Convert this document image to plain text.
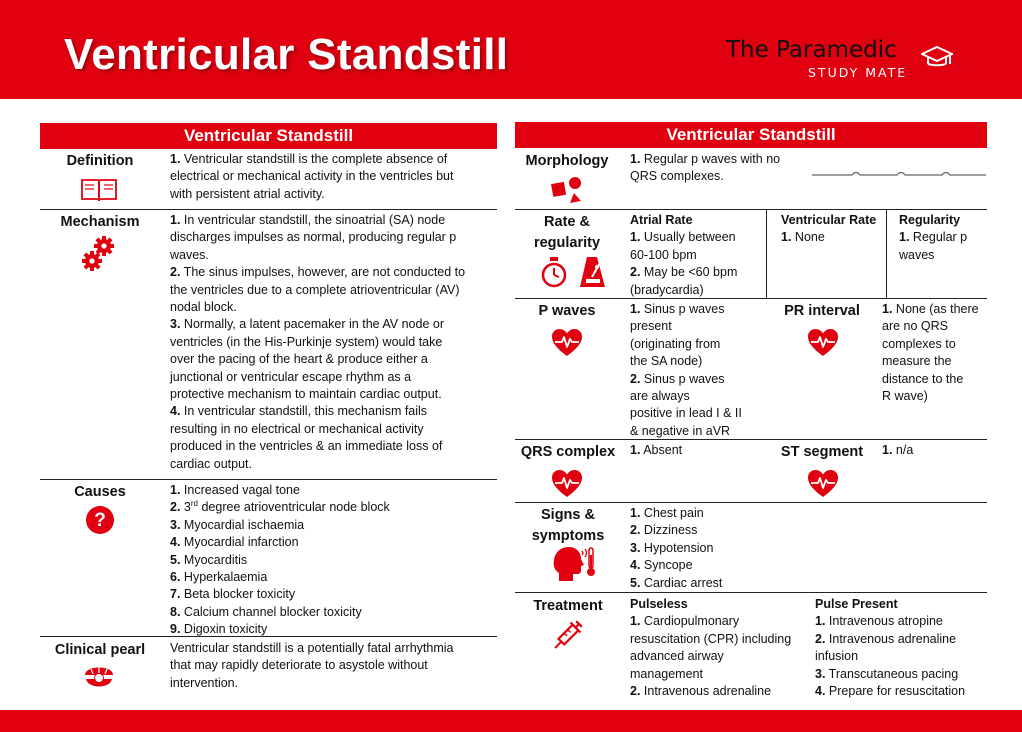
Ventricular Standstill	The Paramedic
STUDY MATE
Ventricular Standstill
Definition	1. Ventricular standstill is the complete absence of
electrical or mechanical activity in the ventricles but
with persistent atrial activity.
Mechanism	1. In ventricular standstill, the sinoatrial (SA) node
discharges impulses as normal, producing regular p
waves.
2. The sinus impulses, however, are not conducted to
the ventricles due to a complete atrioventricular (AV)
nodal block.
3. Normally, a latent pacemaker in the AV node or
ventricles (in the His-Purkinje system) would take
over the pacing of the heart & produce either a
junctional or ventricular escape rhythm as a
protective mechanism to maintain cardiac output.
4. In ventricular standstill, this mechanism fails
resulting in no electrical or mechanical activity
produced in the ventricles & an immediate loss of
cardiac output.
Causes
?
1. Increased vagal tone
2. 3rd degree atrioventricular node block
3. Myocardial ischaemia
4. Myocardial infarction
5. Myocarditis
6. Hyperkalaemia
7. Beta blocker toxicity
8. Calcium channel blocker toxicity
9. Digoxin toxicity
Clinical pearl	Ventricular standstill is a potentially fatal arrhythmia
that may rapidly deteriorate to asystole without
intervention.
Ventricular Standstill
Morphology	1. Regular p waves with no
QRS complexes.
Rate &
regularity
Atrial Rate
1. Usually between
60-100 bpm
2. May be <60 bpm
(bradycardia)
Ventricular Rate
1. None
Regularity
1. Regular p
waves
P waves	1. Sinus p waves
present
(originating from
the SA node)
2. Sinus p waves
are always
positive in lead I & II
& negative in aVR
PR interval	1. None (as there
are no QRS
complexes to
measure the
distance to the
R wave)
QRS complex 1. Absent	ST segment	1. n/a
Signs &
symptoms
1. Chest pain
2. Dizziness
3. Hypotension
4. Syncope
5. Cardiac arrest
Treatment	Pulseless
1. Cardiopulmonary
resuscitation (CPR) including
advanced airway
management
2. Intravenous adrenaline
Pulse Present
1. Intravenous atropine
2. Intravenous adrenaline
infusion
3. Transcutaneous pacing
4. Prepare for resuscitation
